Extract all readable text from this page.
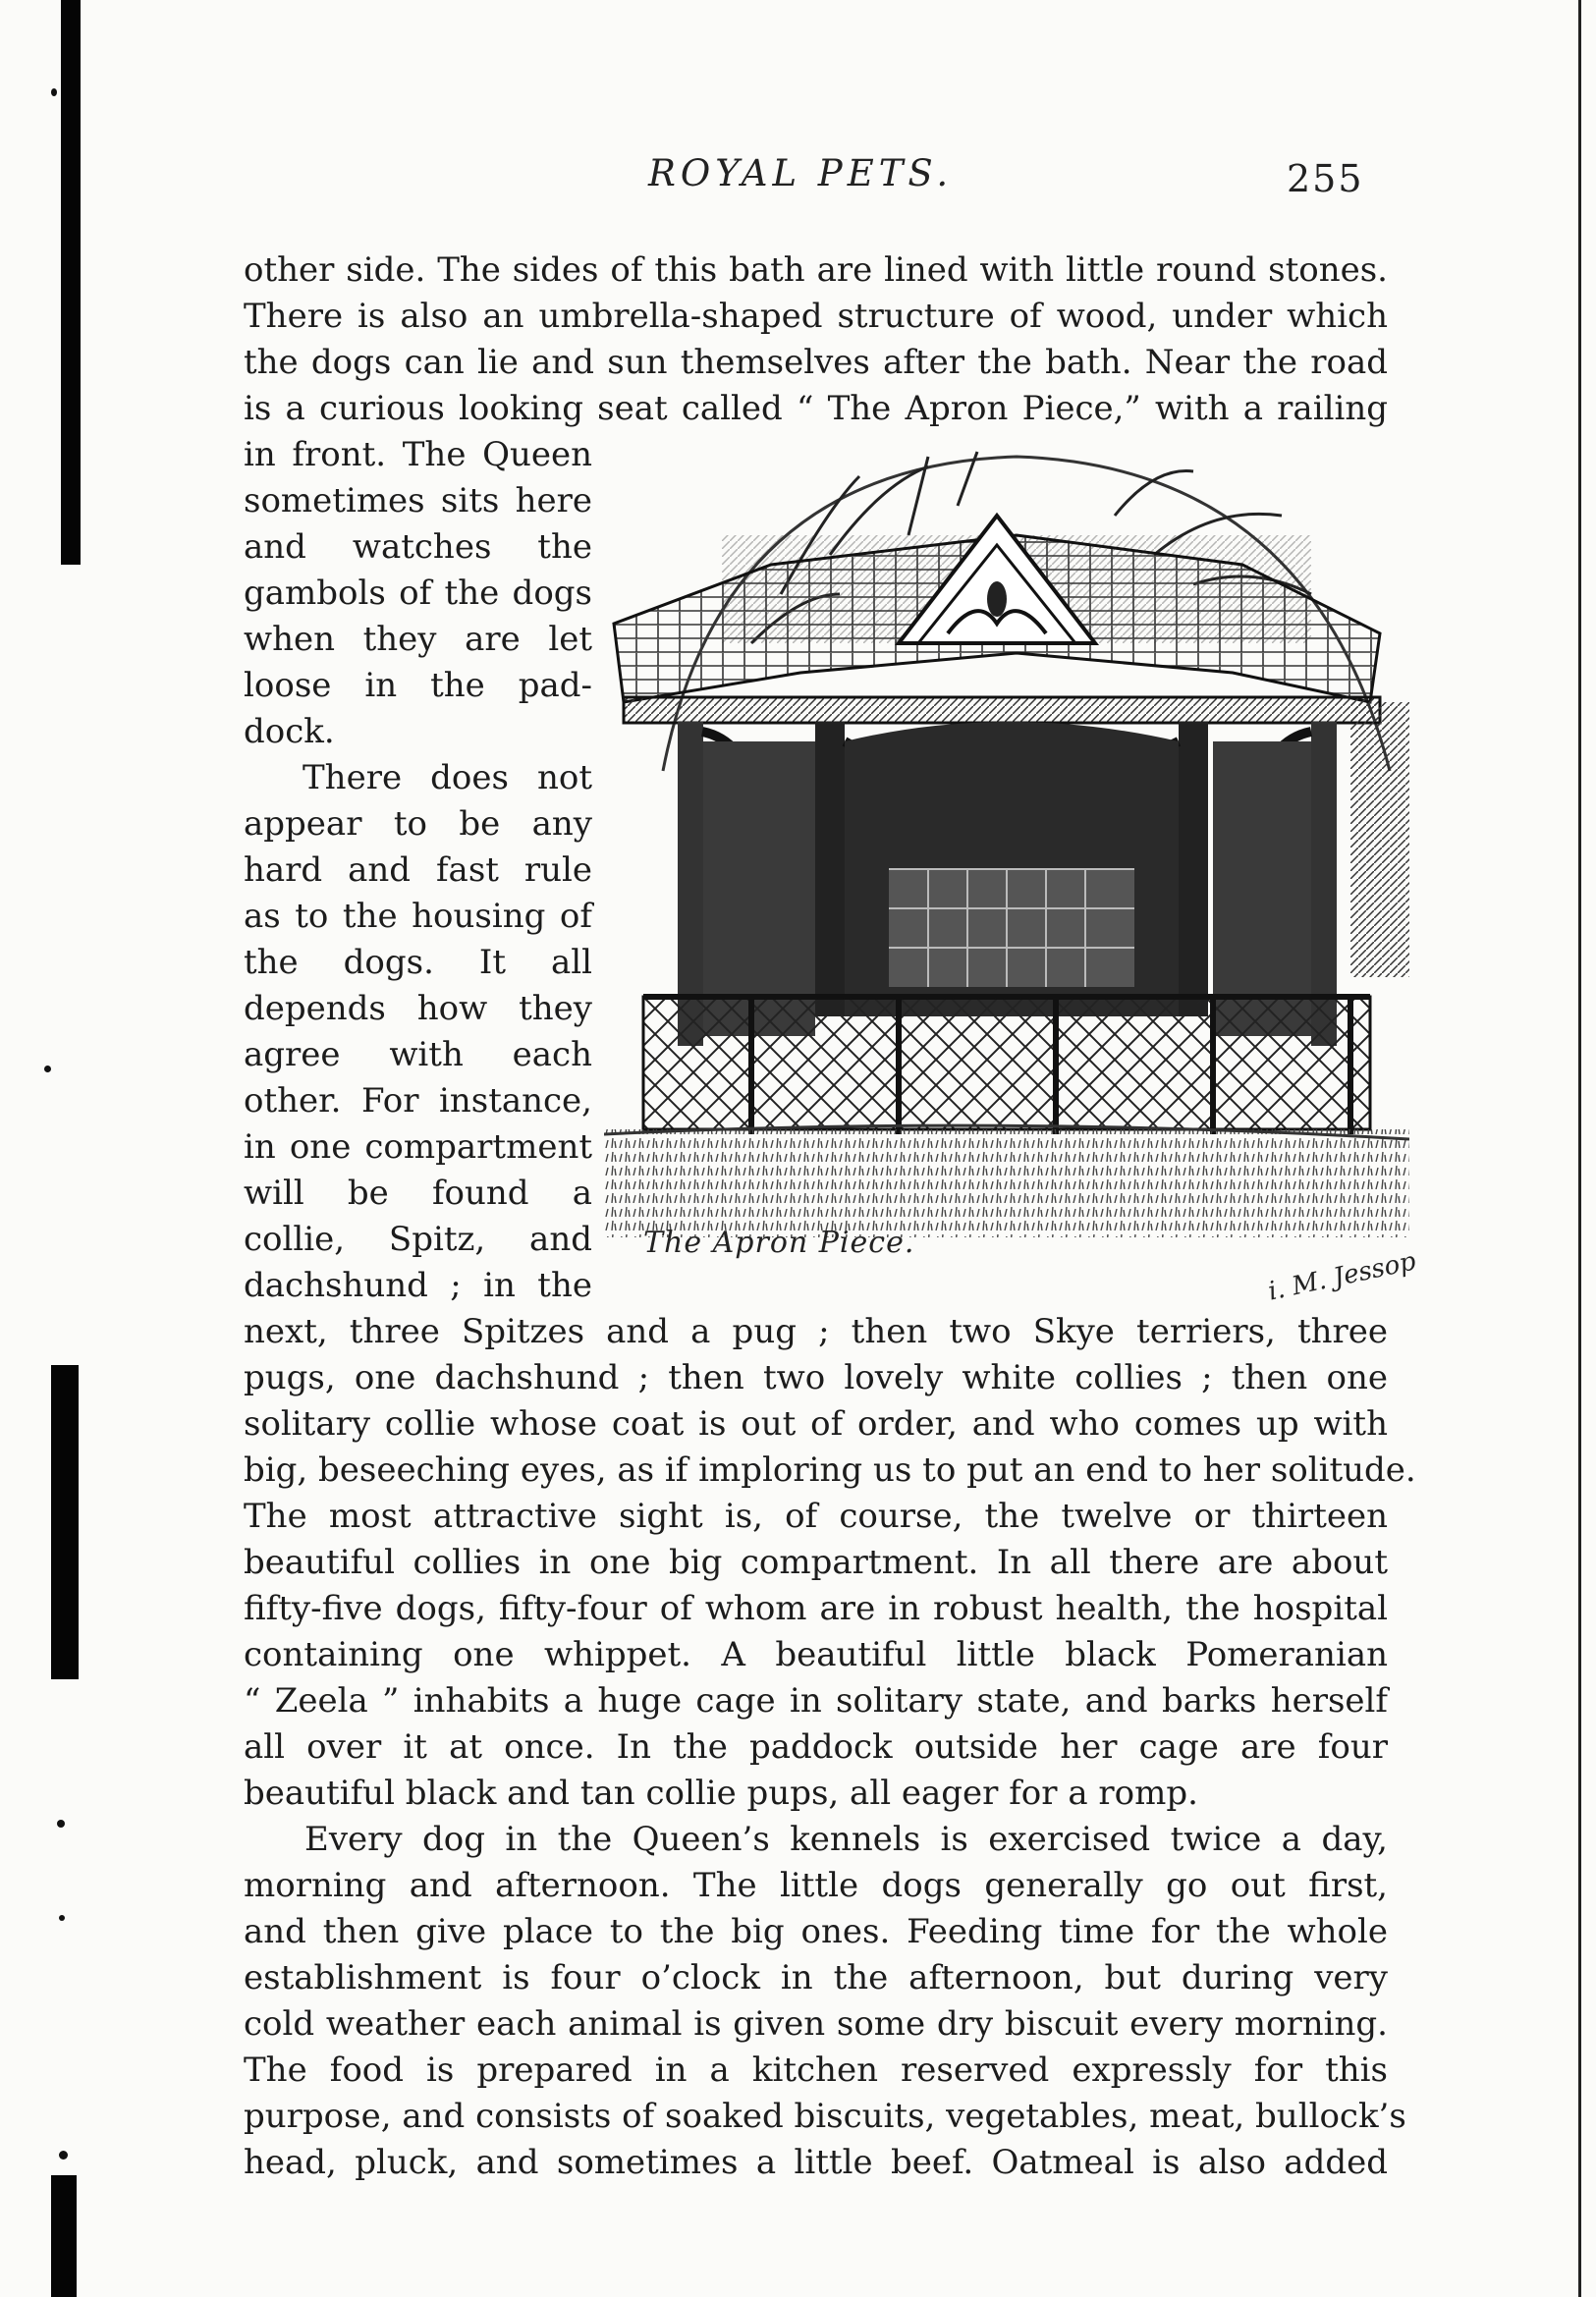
ROYAL PETS.	255
other side. The sides of this bath are lined with little round stones.
There is also an umbrella-shaped structure of wood, under which
the dogs can lie and sun themselves after the bath. Near the road
is a curious looking seat called “ The Apron Piece,” with a railing
in front. The Queen
sometimes sits here
and watches the
gambols of the dogs
when they are let
loose in the pad-
dock.
There does not
appear to be any
hard and fast rule
as to the housing of
the dogs. It all
depends how they
agree with each
other. For instance,
in one compartment
will be found a
collie, Spitz, and
dachshund ; in the
next, three Spitzes and a pug ; then two Skye terriers, three
pugs, one dachshund ; then two lovely white collies ; then one
solitary collie whose coat is out of order, and who comes up with
big, beseeching eyes, as if imploring us to put an end to her solitude.
The most attractive sight is, of course, the twelve or thirteen
beautiful collies in one big compartment. In all there are about
fifty-five dogs, fifty-four of whom are in robust health, the hospital
containing one whippet. A beautiful little black Pomeranian
“ Zeela ” inhabits a huge cage in solitary state, and barks herself
all over it at once. In the paddock outside her cage are four
beautiful black and tan collie pups, all eager for a romp.
Every dog in the Queen’s kennels is exercised twice a day,
morning and afternoon. The little dogs generally go out first,
and then give place to the big ones. Feeding time for the whole
establishment is four o’clock in the afternoon, but during very
cold weather each animal is given some dry biscuit every morning.
The food is prepared in a kitchen reserved expressly for this
purpose, and consists of soaked biscuits, vegetables, meat, bullock’s
head, pluck, and sometimes a little beef. Oatmeal is also added
The Apron Piece.
i. M. Jessop
